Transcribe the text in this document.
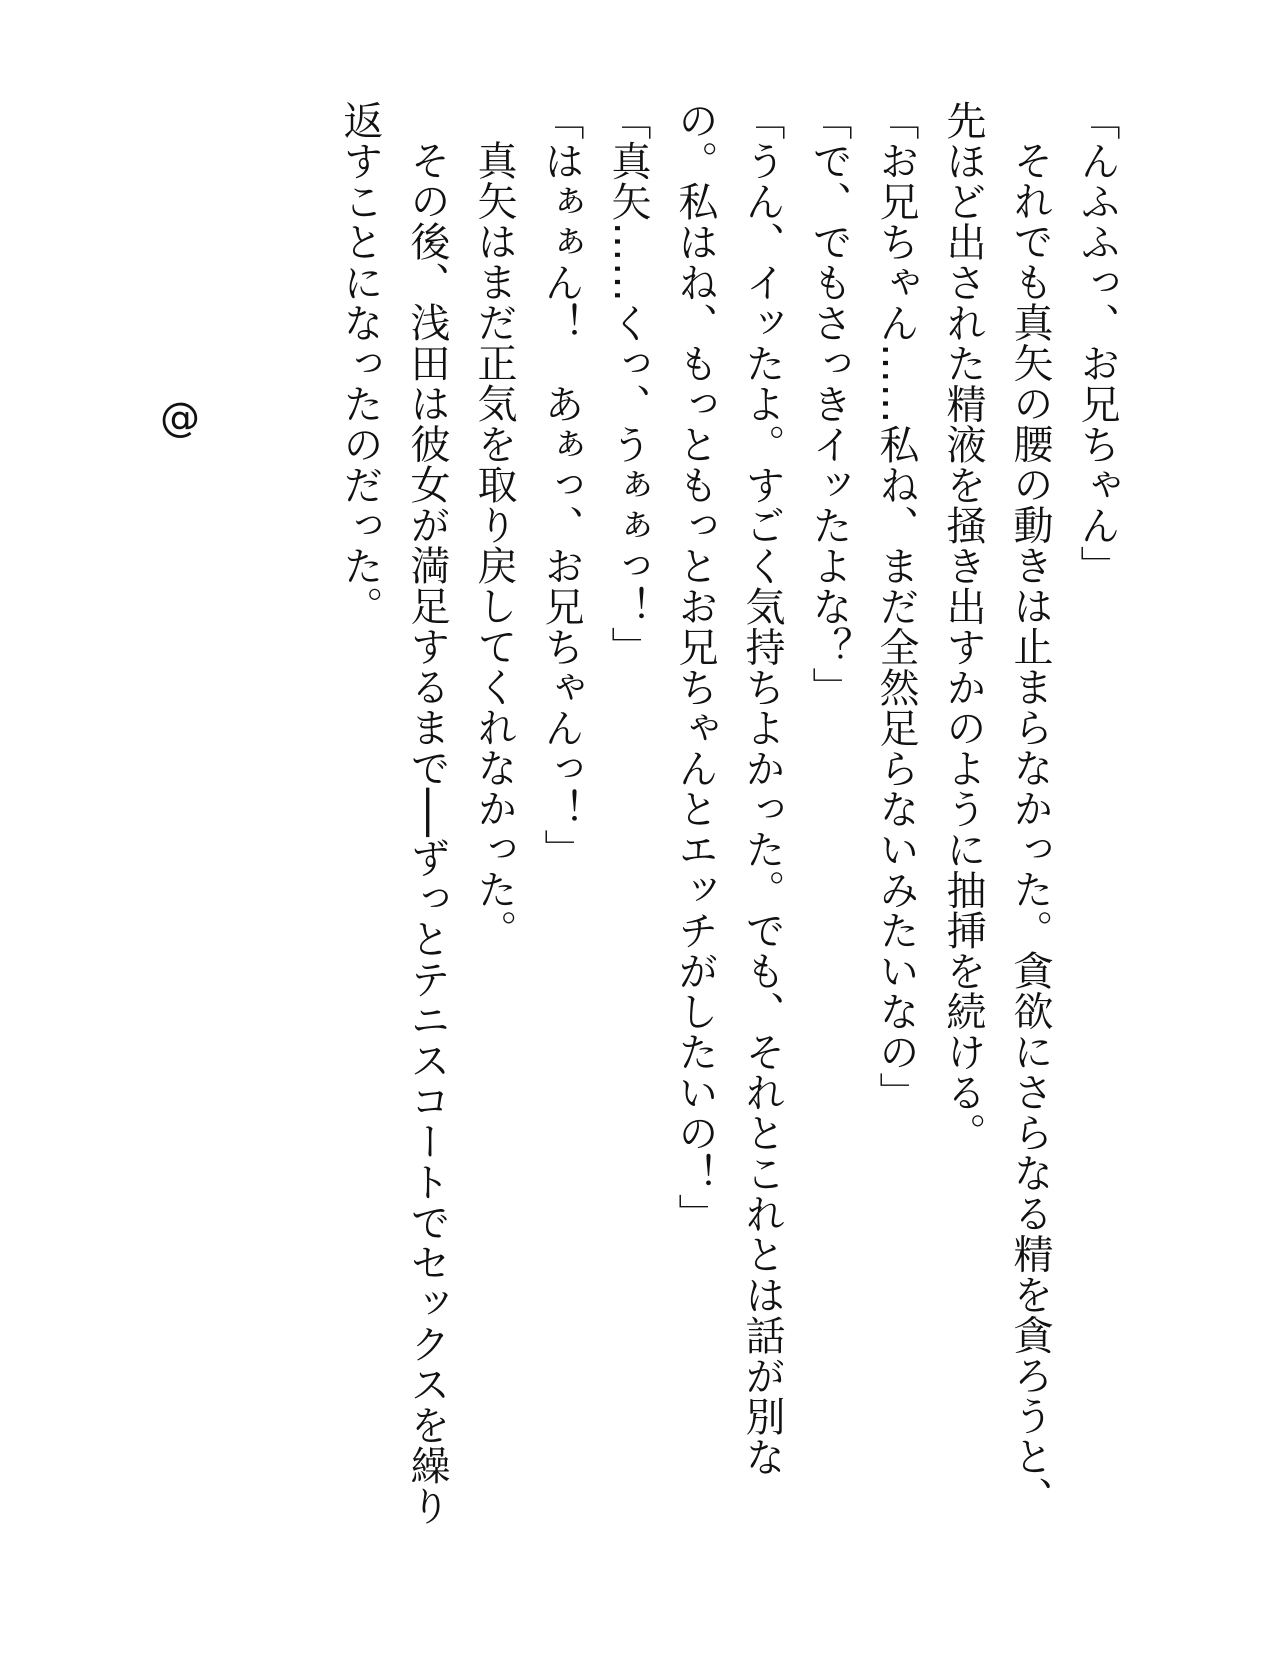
「んふふっ、お兄ちゃん」
それでも真矢の腰の動きは止まらなかった。貪欲にさらなる精を貪ろうと、
先ほど出された精液を掻き出すかのように抽挿を続ける。
「お兄ちゃん……私ね、まだ全然足らないみたいなの」
「で、でもさっきイッたよな？」
「うん、イッたよ。すごく気持ちよかった。でも、それとこれとは話が別な
の。私はね、もっともっとお兄ちゃんとエッチがしたいの！」
「真矢……くっ、うぁぁっ！」
「はぁぁん！　あぁっ、お兄ちゃんっ！」
真矢はまだ正気を取り戻してくれなかった。
その後、浅田は彼女が満足するまで──ずっとテニスコートでセックスを繰り
返すことになったのだった。
@
